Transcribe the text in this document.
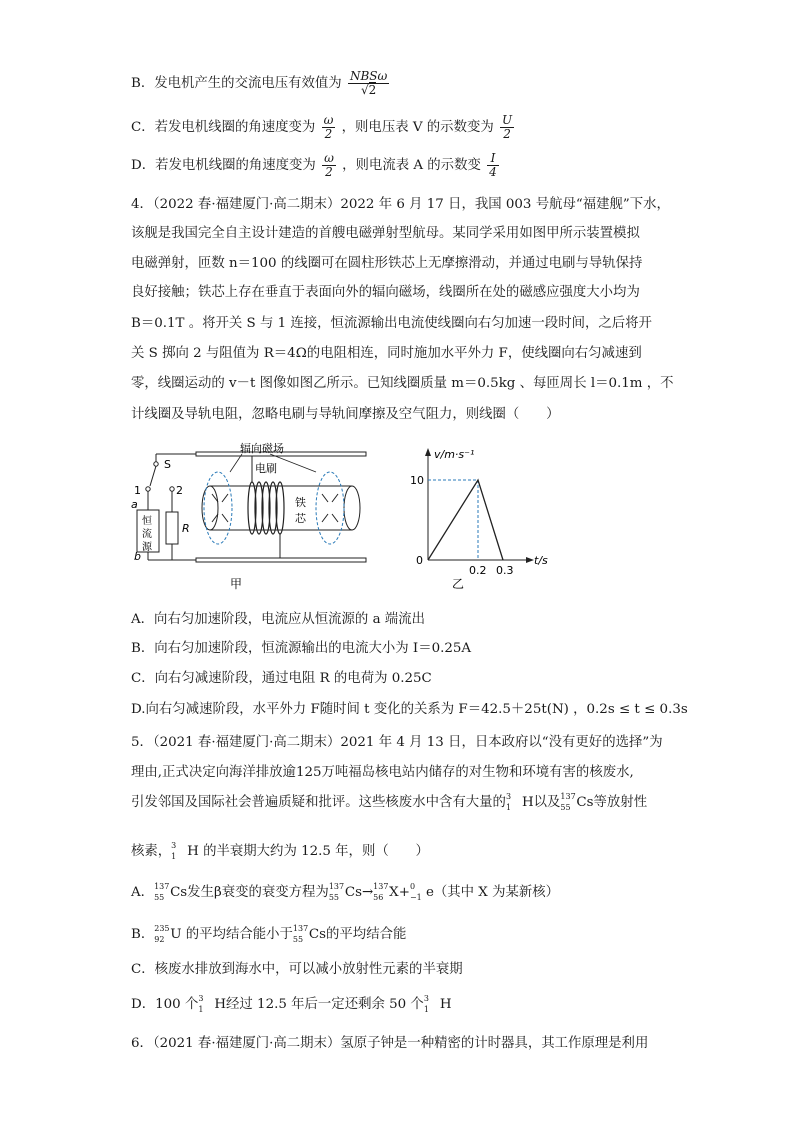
B．发电机产生的交流电压有效值为 $\frac{\text{NBSω}}{√2}$
C．若发电机线圈的角速度变为 $\frac{\omega}{2}$ ，则电压表 V 的示数变为 $\frac{U}{2}$
D．若发电机线圈的角速度变为 $\frac{\omega}{2}$ ，则电流表 A 的示数变 $\frac{I}{4}$
4．（2022 春·福建厦门·高二期末）2022 年 6 月 17 日，我国 003 号航母“福建舰”下水，
该舰是我国完全自主设计建造的首艘电磁弹射型航母。某同学采用如图甲所示装置模拟
电磁弹射，匝数 n＝100 的线圈可在圆柱形铁芯上无摩擦滑动，并通过电刷与导轨保持
良好接触；铁芯上存在垂直于表面向外的辐向磁场，线圈所在处的磁感应强度大小均为
B＝0.1T 。将开关 S 与 1 连接，恒流源输出电流使线圈向右匀加速一段时间，之后将开
关 S 掷向 2 与阻值为 R＝4Ω的电阻相连，同时施加水平外力 F，使线圈向右匀减速到
零，线圈运动的 v－t 图像如图乙所示。已知线圈质量 m＝0.5kg 、每匝周长 l＝0.1m ，不
计线圈及导轨电阻，忽略电刷与导轨间摩擦及空气阻力，则线圈（　　）
S
1	2
恒
流
源
a
b
R
辐向磁场
电刷
铁
芯
甲
v/m·s⁻¹
t/s
0
10
0.2 0.3
乙
A．向右匀加速阶段，电流应从恒流源的 a 端流出
B．向右匀加速阶段，恒流源输出的电流大小为 I＝0.25A
C．向右匀减速阶段，通过电阻 R 的电荷为 0.25C
D.向右匀减速阶段，水平外力 F随时间 t 变化的关系为 F＝42.5＋25t(N) ，0.2s ≤ t ≤ 0.3s
5．（2021 春·福建厦门·高二期末）2021 年 4 月 13 日，日本政府以“没有更好的选择”为
理由,正式决定向海洋排放逾125万吨福岛核电站内储存的对生物和环境有害的核废水,
引发邻国及国际社会普遍质疑和批评。这些核废水中含有大量的 3
1 H以及 137
55 Cs等放射性
核素， 3
1 H 的半衰期大约为 12.5 年，则（　　）
A． 137
55 Cs发生β衰变的衰变方程为 137
55 Cs→ 137
56 X+ 0
−1 e（其中 X 为某新核）
B． 235
92 U 的平均结合能小于 137
55 Cs的平均结合能
C．核废水排放到海水中，可以减小放射性元素的半衰期
D．100 个 3
1 H经过 12.5 年后一定还剩余 50 个 3
1 H
6．（2021 春·福建厦门·高二期末）氢原子钟是一种精密的计时器具，其工作原理是利用
